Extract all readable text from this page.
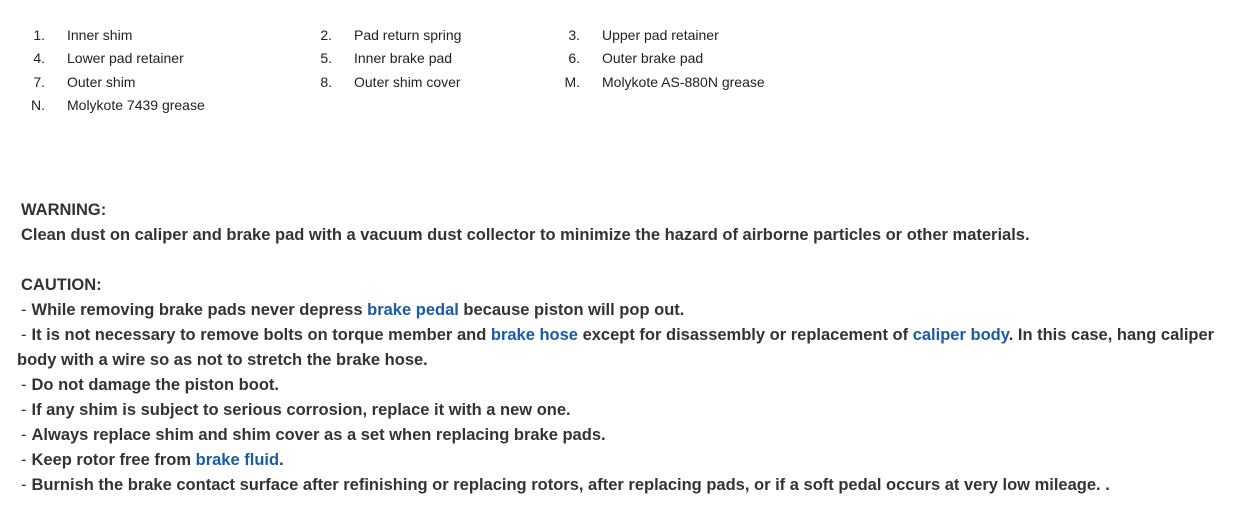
1.	Inner shim	2.	Pad return spring	3.	Upper pad retainer
4.	Lower pad retainer	5.	Inner brake pad	6.	Outer brake pad
7.	Outer shim	8.	Outer shim cover	M.	Molykote AS-880N grease
N.	Molykote 7439 grease				
WARNING:
Clean dust on caliper and brake pad with a vacuum dust collector to minimize the hazard of airborne particles or other materials.
CAUTION:
- While removing brake pads never depress brake pedal because piston will pop out.
- It is not necessary to remove bolts on torque member and brake hose except for disassembly or replacement of caliper body. In this case, hang caliper
body with a wire so as not to stretch the brake hose.
- Do not damage the piston boot.
- If any shim is subject to serious corrosion, replace it with a new one.
- Always replace shim and shim cover as a set when replacing brake pads.
- Keep rotor free from brake fluid.
- Burnish the brake contact surface after refinishing or replacing rotors, after replacing pads, or if a soft pedal occurs at very low mileage. .
